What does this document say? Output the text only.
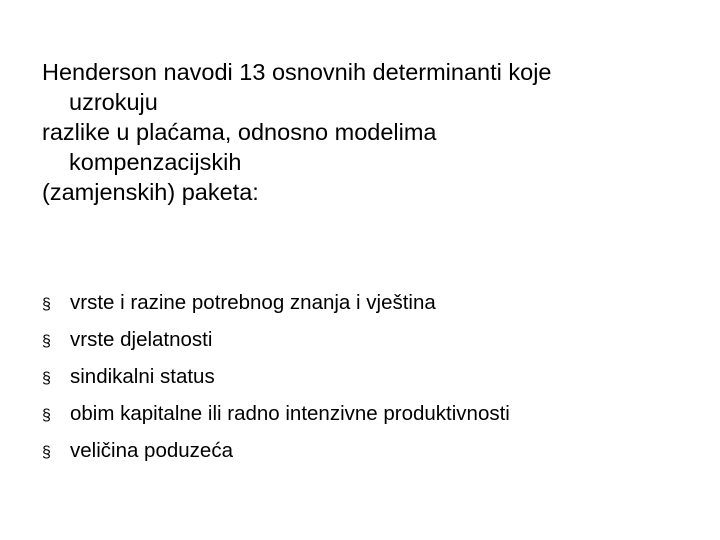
Henderson navodi 13 osnovnih determinanti koje
uzrokuju
razlike u plaćama, odnosno modelima
kompenzacijskih
(zamjenskih) paketa:

§ vrste i razine potrebnog znanja i vještina
§ vrste djelatnosti
§ sindikalni status
§ obim kapitalne ili radno intenzivne produktivnosti
§ veličina poduzeća
